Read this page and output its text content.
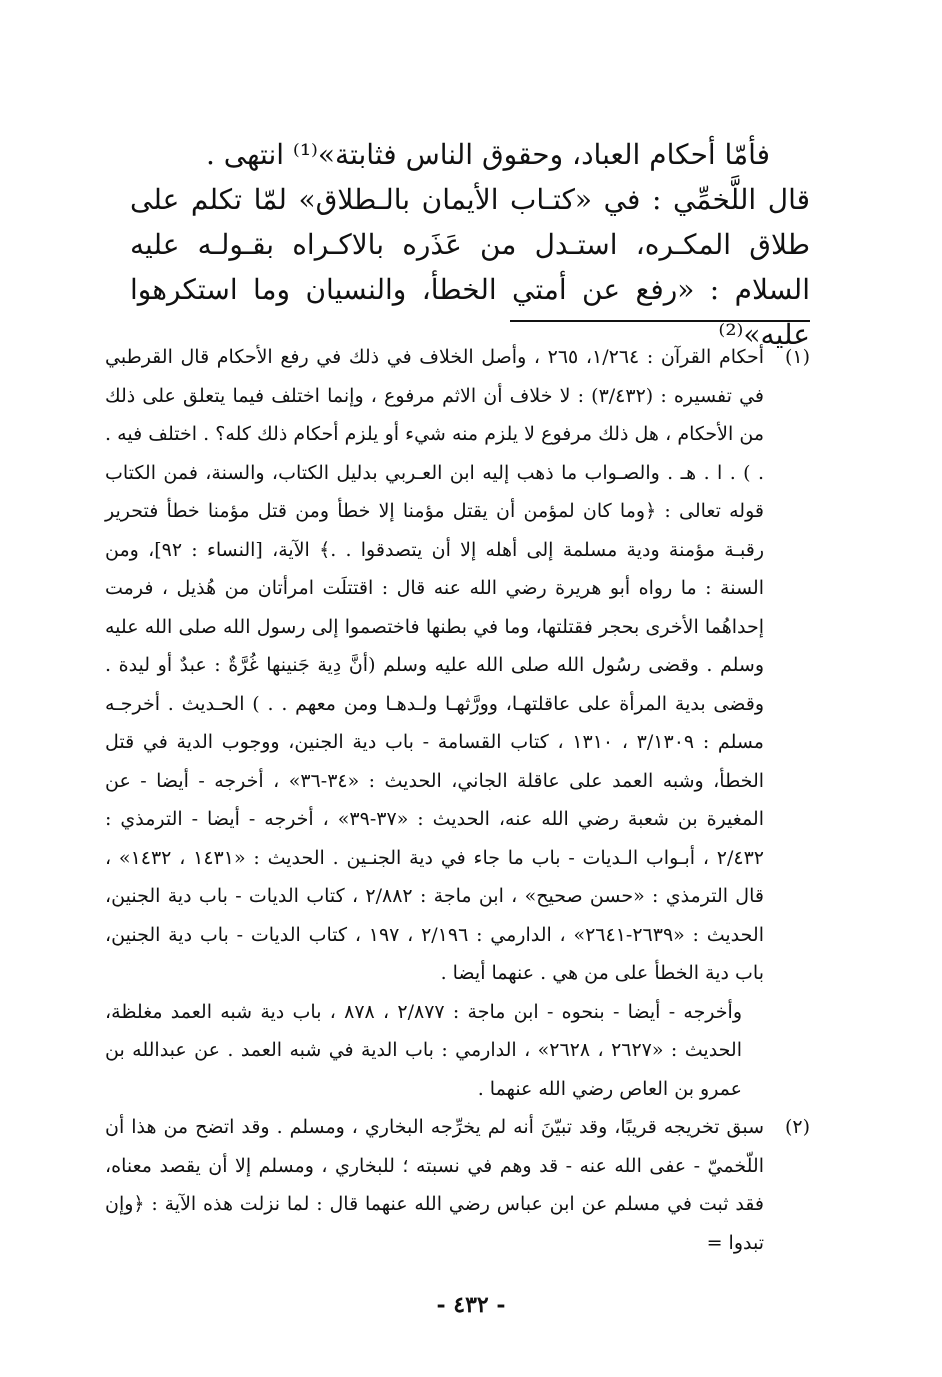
فأمّا أحكام العباد، وحقوق الناس فثابتة»⁽¹⁾ انتهى .

قال اللَّخمِّي : في «كتـاب الأيمان بالـطلاق» لمّا تكلم على طلاق المكـره، استـدل من عَذَره بالاكـراه بقـولـه عليه السلام : «رفع عن أمتي الخطأ، والنسيان وما استكرهوا عليه»⁽²⁾

(١)

أحكام القرآن : ١/٢٦٤، ٢٦٥ ، وأصل الخلاف في ذلك في رفع الأحكام قال القرطبي في تفسيره : (٣/٤٣٢) : لا خلاف أن الاثم مرفوع ، وإنما اختلف فيما يتعلق على ذلك من الأحكام ، هل ذلك مرفوع لا يلزم منه شيء أو يلزم أحكام ذلك كله؟ . اختلف فيه . . ) . ا . هـ . والصـواب ما ذهب إليه ابن العـربي بدليل الكتاب، والسنة، فمن الكتاب قوله تعالى : ﴿وما كان لمؤمن أن يقتل مؤمنا إلا خطأ ومن قتل مؤمنا خطأ فتحرير رقبـة مؤمنة ودية مسلمة إلى أهله إلا أن يتصدقوا . .﴾ الآية، [النساء : ٩٢]، ومن السنة : ما رواه أبو هريرة رضي الله عنه قال : اقتتلَت امرأتان من هُذيل ، فرمت إحداهُما الأخرى بحجر فقتلتها، وما في بطنها فاختصموا إلى رسول الله صلى الله عليه وسلم . وقضى رسُول الله صلى الله عليه وسلم (أنَّ دِية جَنينها غُرَّةٌ : عبدٌ أو ليدة . وقضى بدية المرأة على عاقلتهـا، وورَّثهـا ولـدهـا ومن معهم . . ) الحـديث . أخرجـه مسلم : ٣/١٣٠٩ ، ١٣١٠ ، كتاب القسامة - باب دية الجنين، ووجوب الدية في قتل الخطأ، وشبه العمد على عاقلة الجاني، الحديث : «٣٤-٣٦» ، أخرجه - أيضا - عن المغيرة بن شعبة رضي الله عنه، الحديث : «٣٧-٣٩» ، أخرجه - أيضا - الترمذي : ٢/٤٣٢ ، أبـواب الـديات - باب ما جاء في دية الجنـين . الحديث : «١٤٣١ ، ١٤٣٢» ، قال الترمذي : «حسن صحيح» ، ابن ماجة : ٢/٨٨٢ ، كتاب الديات - باب دية الجنين، الحديث : «٢٦٣٩-٢٦٤١» ، الدارمي : ٢/١٩٦ ، ١٩٧ ، كتاب الديات - باب دية الجنين، باب دية الخطأ على من هي . عنهما أيضا .

وأخرجه - أيضا - بنحوه - ابن ماجة : ٢/٨٧٧ ، ٨٧٨ ، باب دية شبه العمد مغلظة، الحديث : «٢٦٢٧ ، ٢٦٢٨» ، الدارمي : باب الدية في شبه العمد . عن عبدالله بن عمرو بن العاص رضي الله عنهما .

(٢)

سبق تخريجه قريبًا، وقد تبيّنَ أنه لم يخرِّجه البخاري ، ومسلم . وقد اتضح من هذا أن اللّخميّ - عفى الله عنه - قد وهم في نسبته ؛ للبخاري ، ومسلم إلا أن يقصد معناه، فقد ثبت في مسلم عن ابن عباس رضي الله عنهما قال : لما نزلت هذه الآية : ﴿وإن تبدوا =

- ٤٣٢ -
